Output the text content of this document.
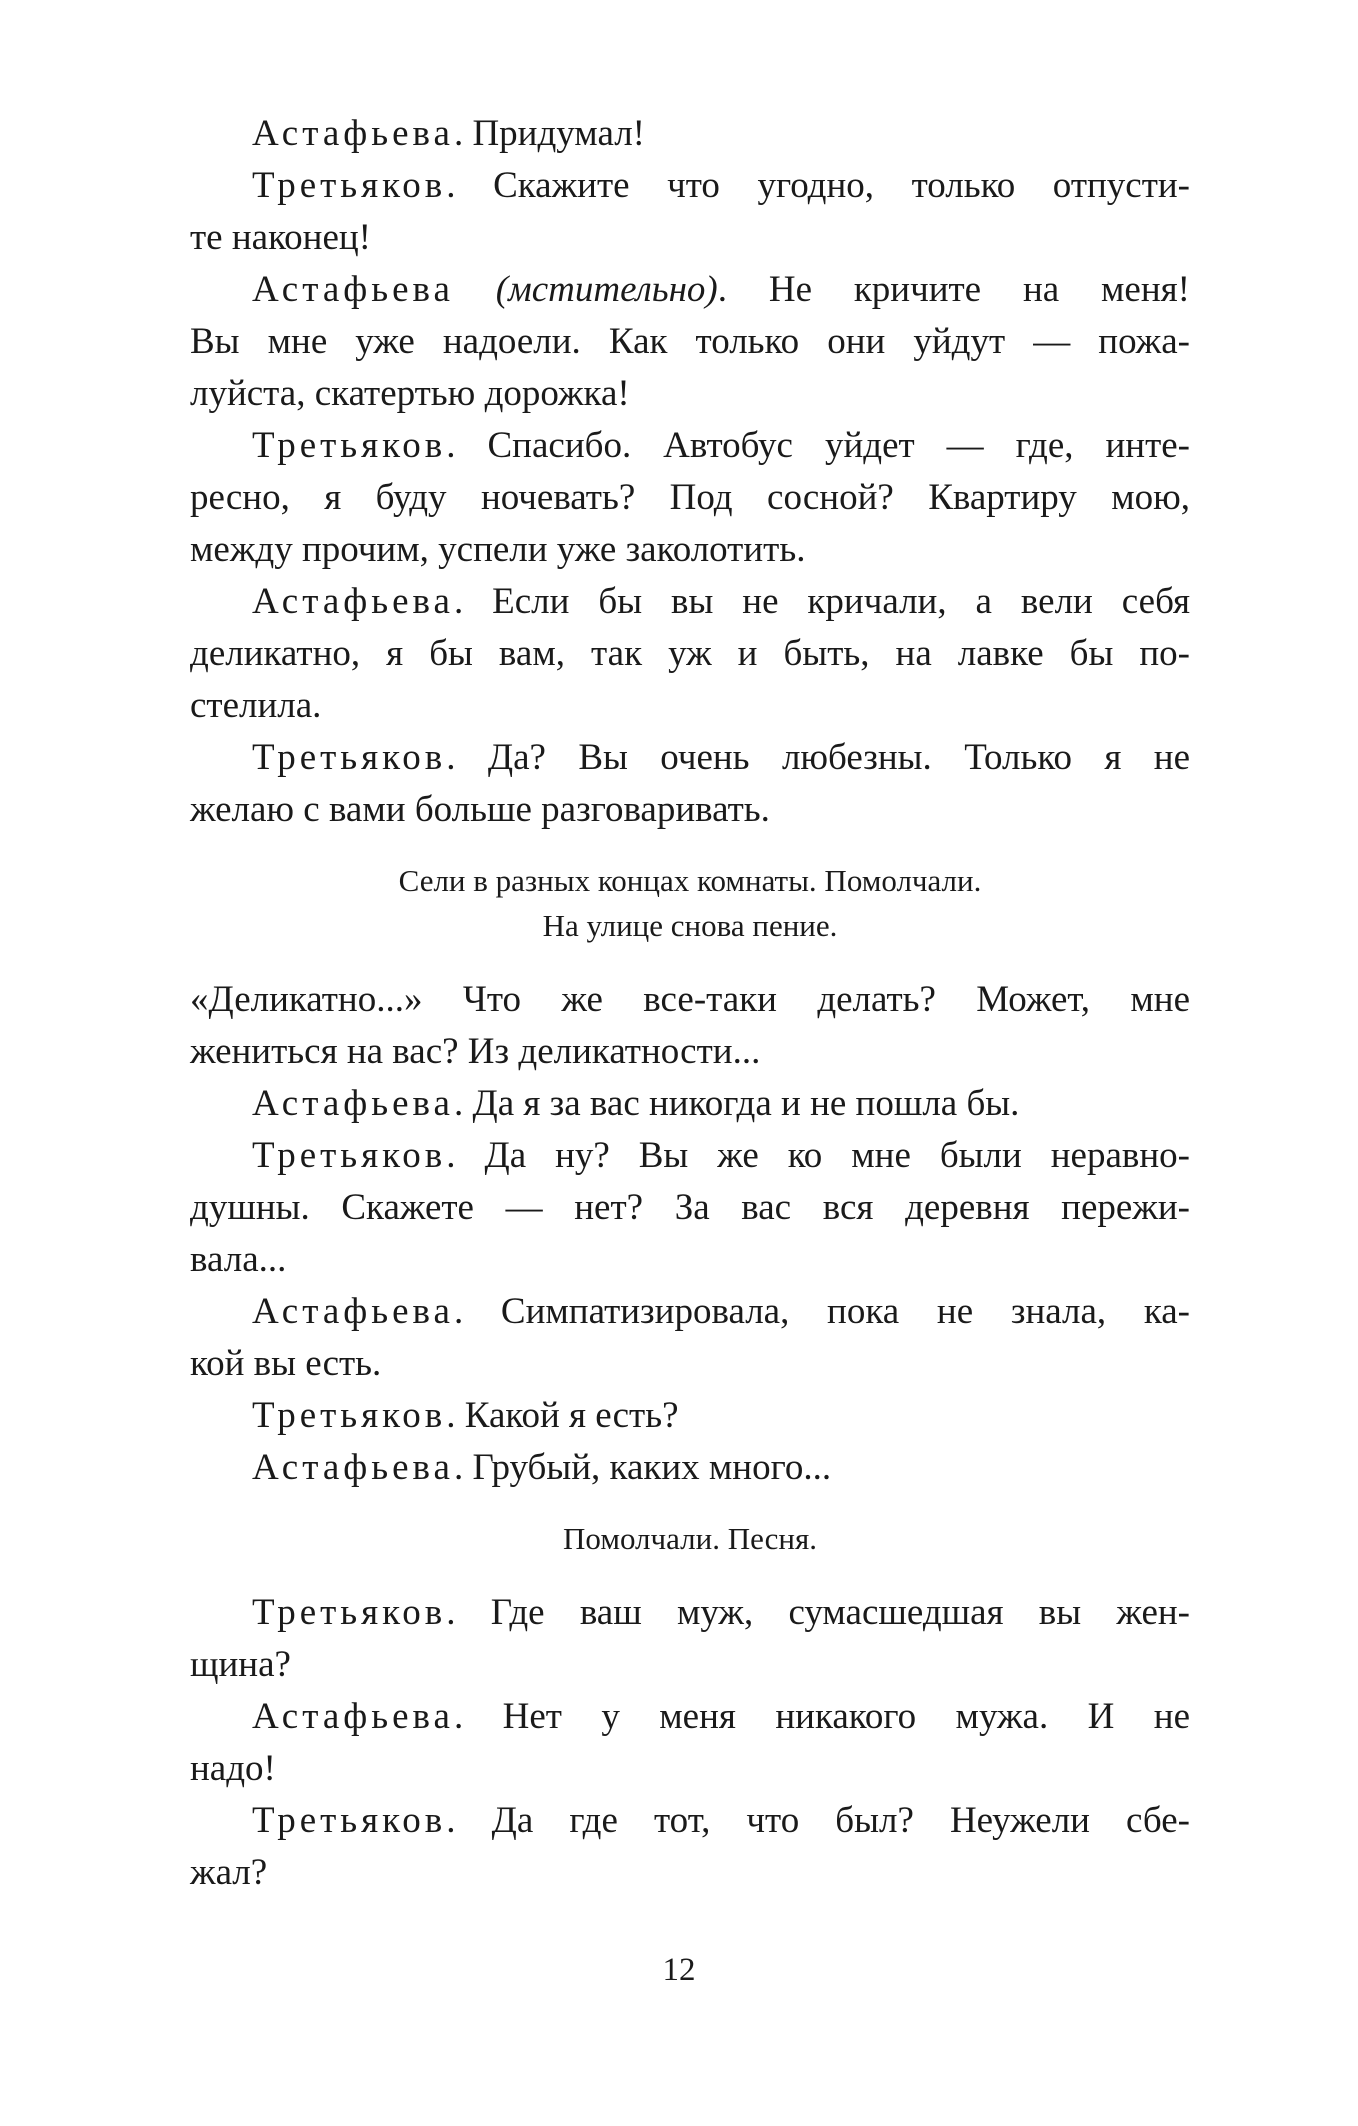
Астафьева. Придумал!
Третьяков. Скажите что угодно, только отпусти-
те наконец!
Астафьева (мстительно). Не кричите на меня!
Вы мне уже надоели. Как только они уйдут — пожа-
луйста, скатертью дорожка!
Третьяков. Спасибо. Автобус уйдет — где, инте-
ресно, я буду ночевать? Под сосной? Квартиру мою,
между прочим, успели уже заколотить.
Астафьева. Если бы вы не кричали, а вели себя
деликатно, я бы вам, так уж и быть, на лавке бы по-
стелила.
Третьяков. Да? Вы очень любезны. Только я не
желаю с вами больше разговаривать.
Сели в разных концах комнаты. Помолчали.
На улице снова пение.
«Деликатно...» Что же все-таки делать? Может, мне
жениться на вас? Из деликатности...
Астафьева. Да я за вас никогда и не пошла бы.
Третьяков. Да ну? Вы же ко мне были неравно-
душны. Скажете — нет? За вас вся деревня пережи-
вала...
Астафьева. Симпатизировала, пока не знала, ка-
кой вы есть.
Третьяков. Какой я есть?
Астафьева. Грубый, каких много...
Помолчали. Песня.
Третьяков. Где ваш муж, сумасшедшая вы жен-
щина?
Астафьева. Нет у меня никакого мужа. И не
надо!
Третьяков. Да где тот, что был? Неужели сбе-
жал?
12
